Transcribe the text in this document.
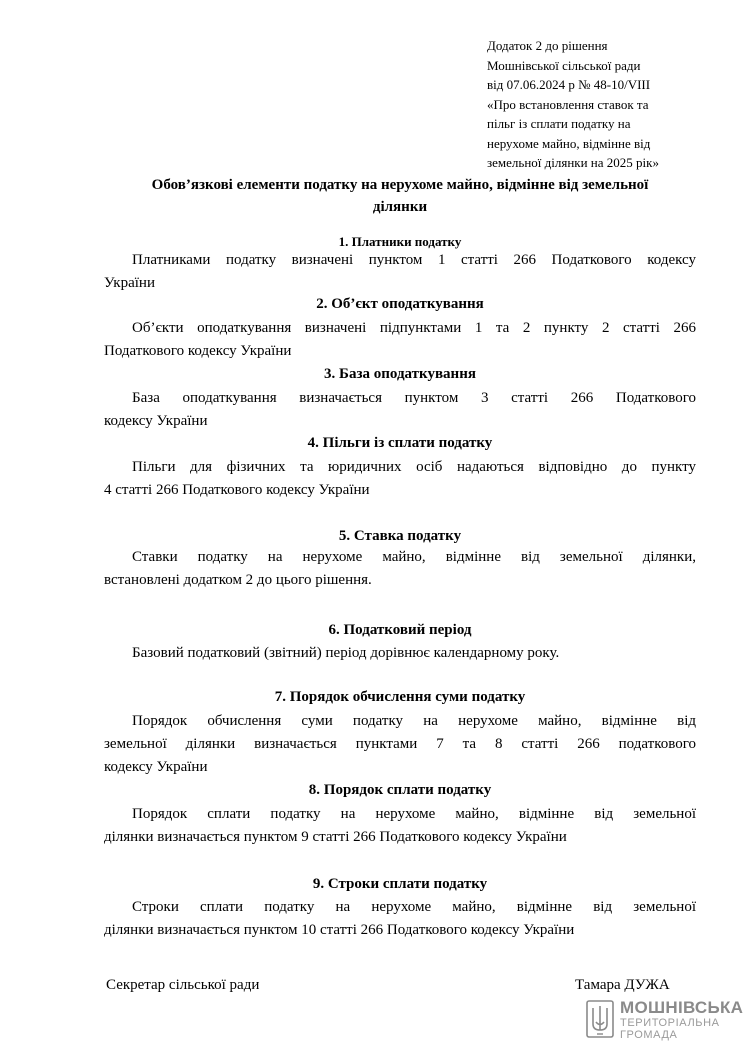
Додаток 2 до рішення
Мошнівської сільської ради
від 07.06.2024 р № 48-10/VIII
«Про встановлення ставок та
пільг із сплати податку на
нерухоме майно, відмінне від
земельної ділянки на 2025 рік»
Обов’язкові елементи податку на нерухоме майно, відмінне від земельної
ділянки
1. Платники податку
Платниками податку визначені пунктом 1 статті 266 Податкового кодексу
України
2. Об’єкт оподаткування
Об’єкти оподаткування визначені підпунктами 1 та 2 пункту 2 статті 266
Податкового кодексу України
3. База оподаткування
База оподаткування визначається пунктом 3 статті 266 Податкового
кодексу України
4. Пільги із сплати податку
Пільги для фізичних та юридичних осіб надаються відповідно до пункту
4 статті 266 Податкового кодексу України
5. Ставка податку
Ставки податку на нерухоме майно, відмінне від земельної ділянки,
встановлені додатком 2 до цього рішення.
6. Податковий період
Базовий податковий (звітний) період дорівнює календарному року.
7. Порядок обчислення суми податку
Порядок обчислення суми податку на нерухоме майно, відмінне від
земельної ділянки визначається пунктами 7 та 8 статті 266 податкового
кодексу України
8. Порядок сплати податку
Порядок сплати податку на нерухоме майно, відмінне від земельної
ділянки визначається пунктом 9 статті 266 Податкового кодексу України
9. Строки сплати податку
Строки сплати податку на нерухоме майно, відмінне від земельної
ділянки визначається пунктом 10 статті 266 Податкового кодексу України
Секретар сільської ради	Тамара ДУЖА
МОШНІВСЬКА
ТЕРИТОРІАЛЬНА
ГРОМАДА
